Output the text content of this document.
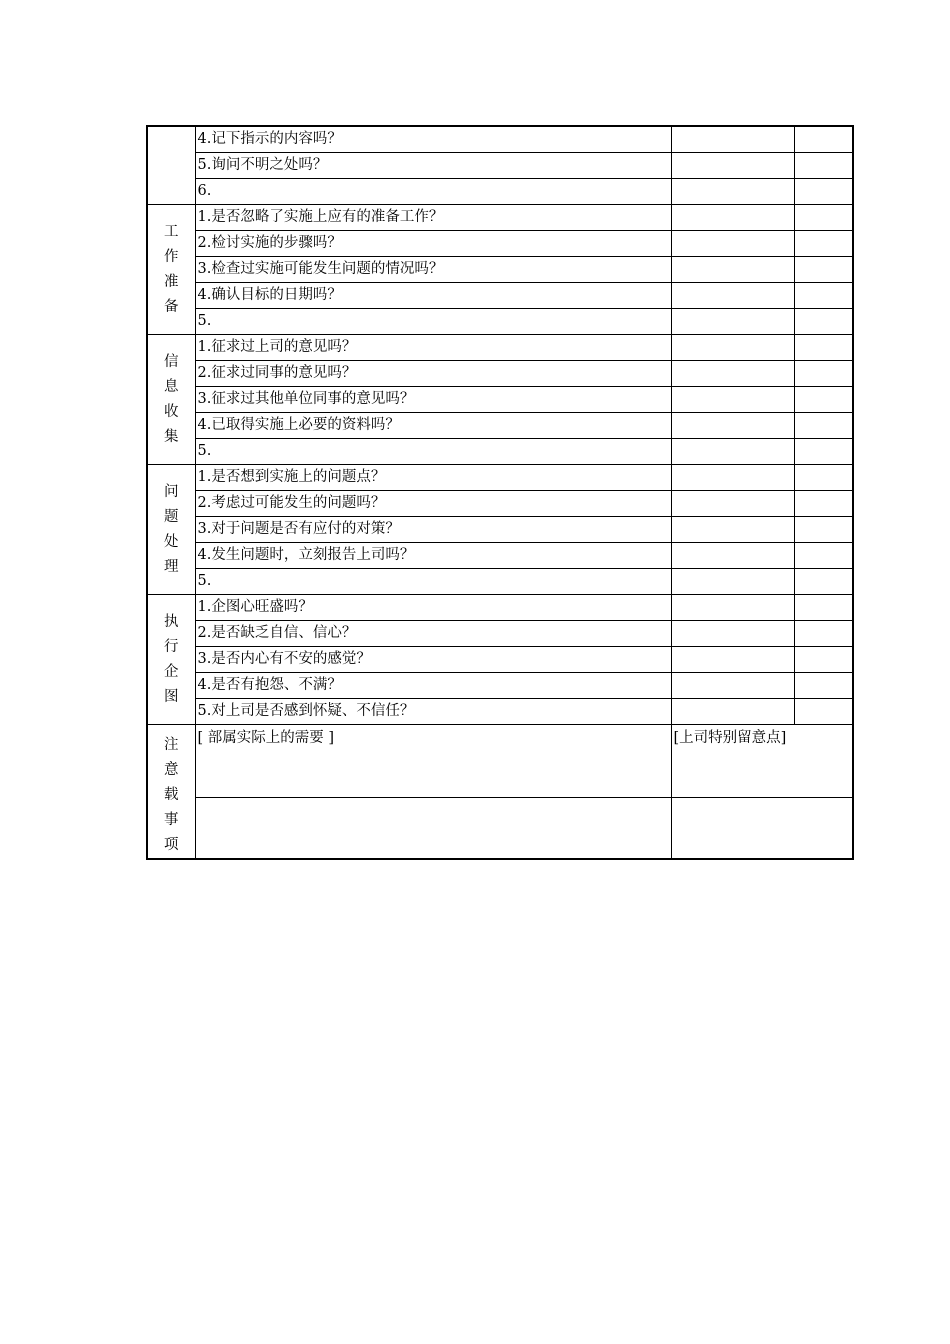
	4.记下指示的内容吗？		
	5.询问不明之处吗？		
	6.		

工
作
准
备	1.是否忽略了实施上应有的准备工作？		
	2.检讨实施的步骤吗？		
	3.检查过实施可能发生问题的情况吗？		
	4.确认目标的日期吗？		
	5.		

信
息
收
集	1.征求过上司的意见吗？		
	2.征求过同事的意见吗？		
	3.征求过其他单位同事的意见吗？		
	4.已取得实施上必要的资料吗？		
	5.		

问
题
处
理	1.是否想到实施上的问题点？		
	2.考虑过可能发生的问题吗？		
	3.对于问题是否有应付的对策？		
	4.发生问题时，立刻报告上司吗？		
	5.		

执
行
企
图	1.企图心旺盛吗？		
	2.是否缺乏自信、信心？		
	3.是否内心有不安的感觉？		
	4.是否有抱怨、不满？		
	5.对上司是否感到怀疑、不信任？		

注
意
载
事
项	[ 部属实际上的需要 ]	[上司特别留意点]	
